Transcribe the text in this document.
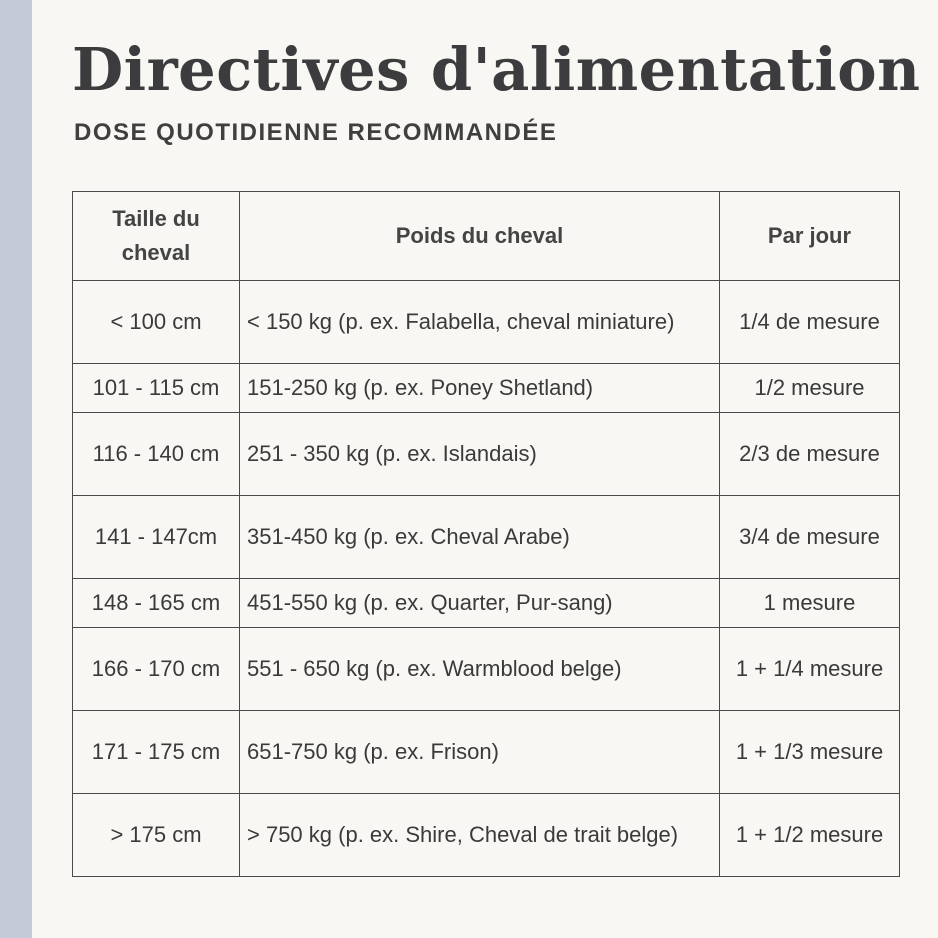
Directives d'alimentation
DOSE QUOTIDIENNE RECOMMANDÉE
Taille du cheval	Poids du cheval	Par jour
< 100 cm	< 150 kg (p. ex. Falabella, cheval miniature)	1/4 de mesure
101 - 115 cm	151-250 kg (p. ex. Poney Shetland)	1/2 mesure
116 - 140 cm	251 - 350 kg (p. ex. Islandais)	2/3 de mesure
141 - 147cm	351-450 kg (p. ex. Cheval Arabe)	3/4 de mesure
148 - 165 cm	451-550 kg (p. ex. Quarter, Pur-sang)	1 mesure
166 - 170 cm	551 - 650 kg (p. ex. Warmblood belge)	1 + 1/4 mesure
171 - 175 cm	651-750 kg (p. ex. Frison)	1 + 1/3 mesure
> 175 cm	> 750 kg (p. ex. Shire, Cheval de trait belge)	1 + 1/2 mesure
